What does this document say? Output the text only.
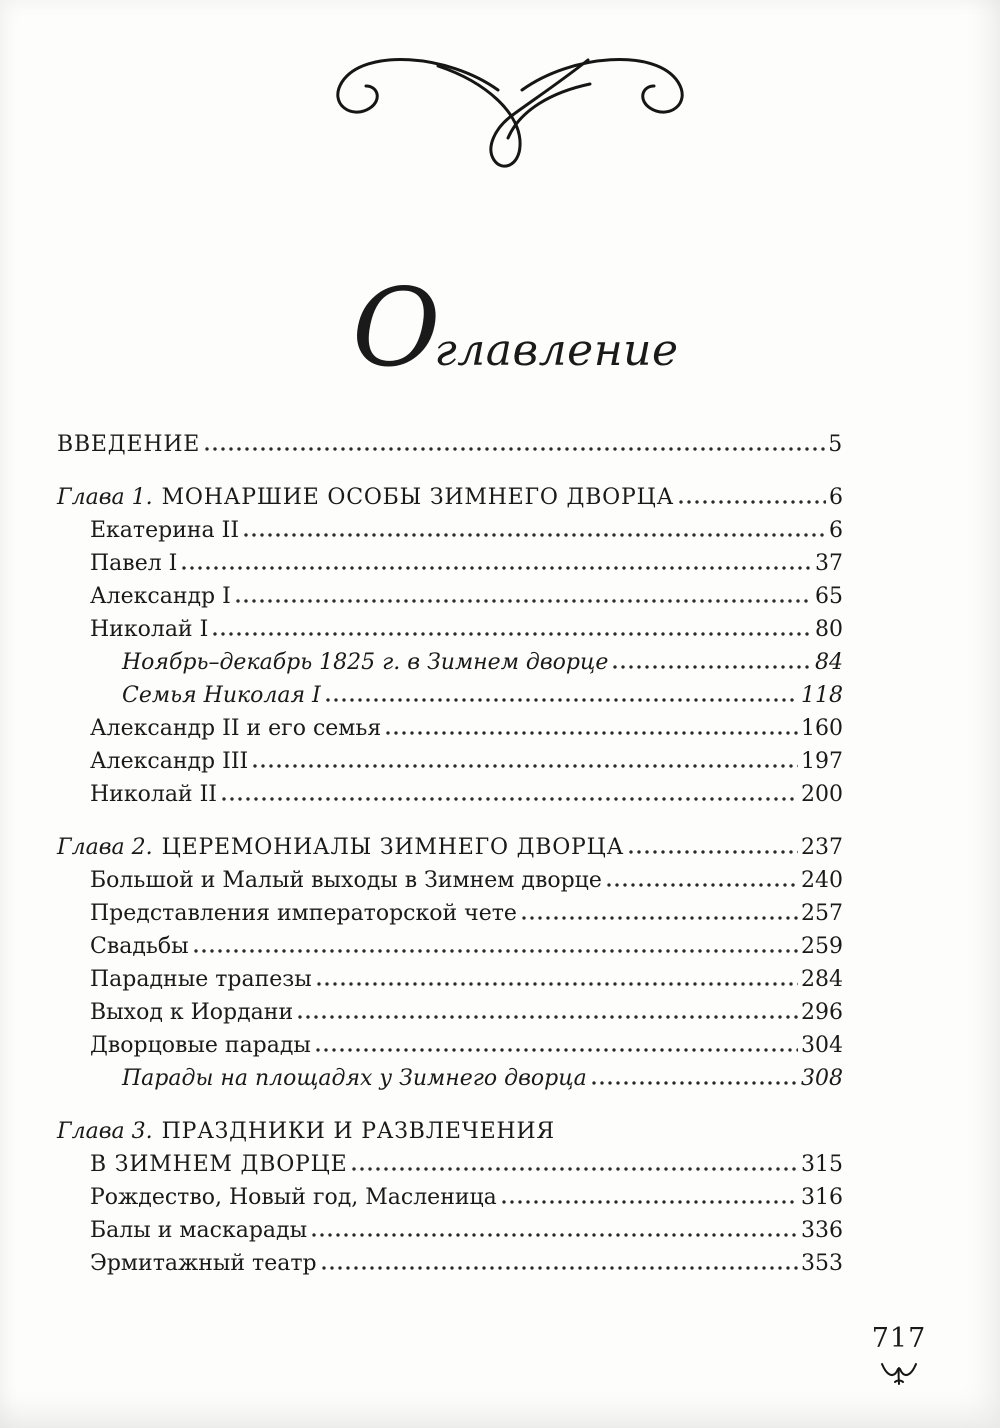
О
главление
ВВЕДЕНИЕ	5
Глава 1. МОНАРШИЕ ОСОБЫ ЗИМНЕГО ДВОРЦА	6
Екатерина II	6
Павел I	37
Александр I	65
Николай I	80
Ноябрь–декабрь 1825 г. в Зимнем дворце	84
Семья Николая I	118
Александр II и его семья	160
Александр III	197
Николай II	200
Глава 2. ЦЕРЕМОНИАЛЫ ЗИМНЕГО ДВОРЦА	237
Большой и Малый выходы в Зимнем дворце	240
Представления императорской чете	257
Свадьбы	259
Парадные трапезы	284
Выход к Иордани	296
Дворцовые парады	304
Парады на площадях у Зимнего дворца	308
Глава 3. ПРАЗДНИКИ И РАЗВЛЕЧЕНИЯ
В ЗИМНЕМ ДВОРЦЕ	315
Рождество, Новый год, Масленица	316
Балы и маскарады	336
Эрмитажный театр	353
717
